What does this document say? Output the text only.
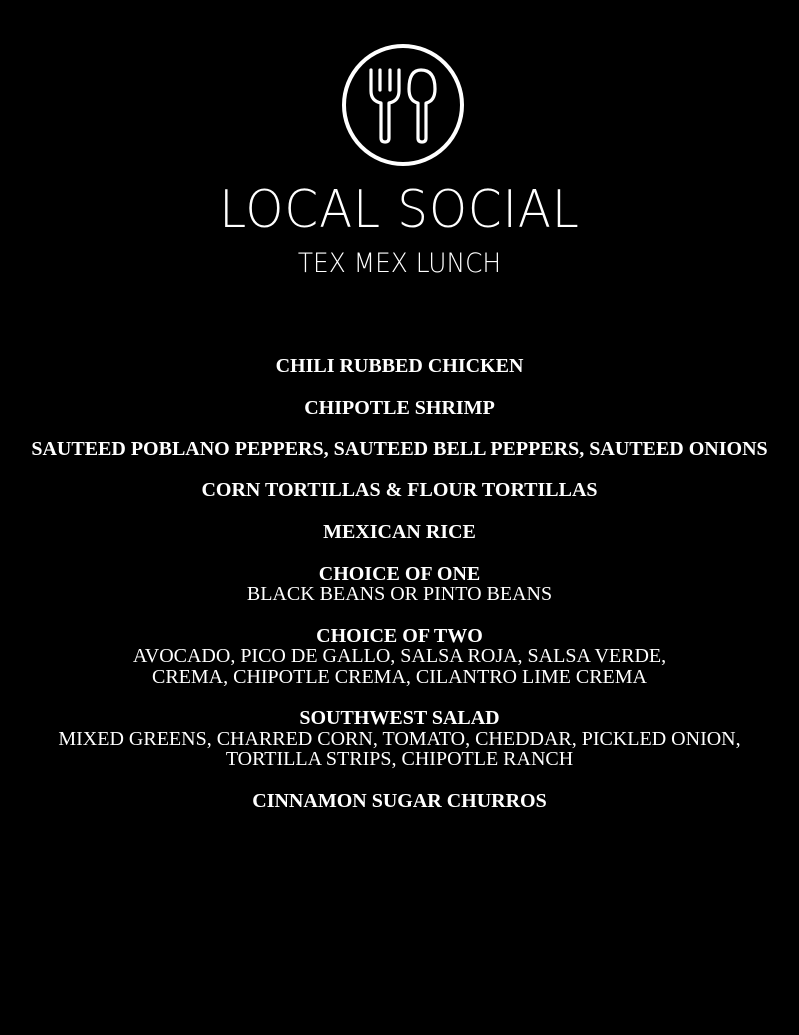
LOCAL SOCIAL
TEX MEX LUNCH
CHILI RUBBED CHICKEN
CHIPOTLE SHRIMP
SAUTEED POBLANO PEPPERS, SAUTEED BELL PEPPERS, SAUTEED ONIONS
CORN TORTILLAS & FLOUR TORTILLAS
MEXICAN RICE
CHOICE OF ONE
BLACK BEANS OR PINTO BEANS
CHOICE OF TWO
AVOCADO, PICO DE GALLO, SALSA ROJA, SALSA VERDE,
CREMA, CHIPOTLE CREMA, CILANTRO LIME CREMA
SOUTHWEST SALAD
MIXED GREENS, CHARRED CORN, TOMATO, CHEDDAR, PICKLED ONION,
TORTILLA STRIPS, CHIPOTLE RANCH
CINNAMON SUGAR CHURROS
